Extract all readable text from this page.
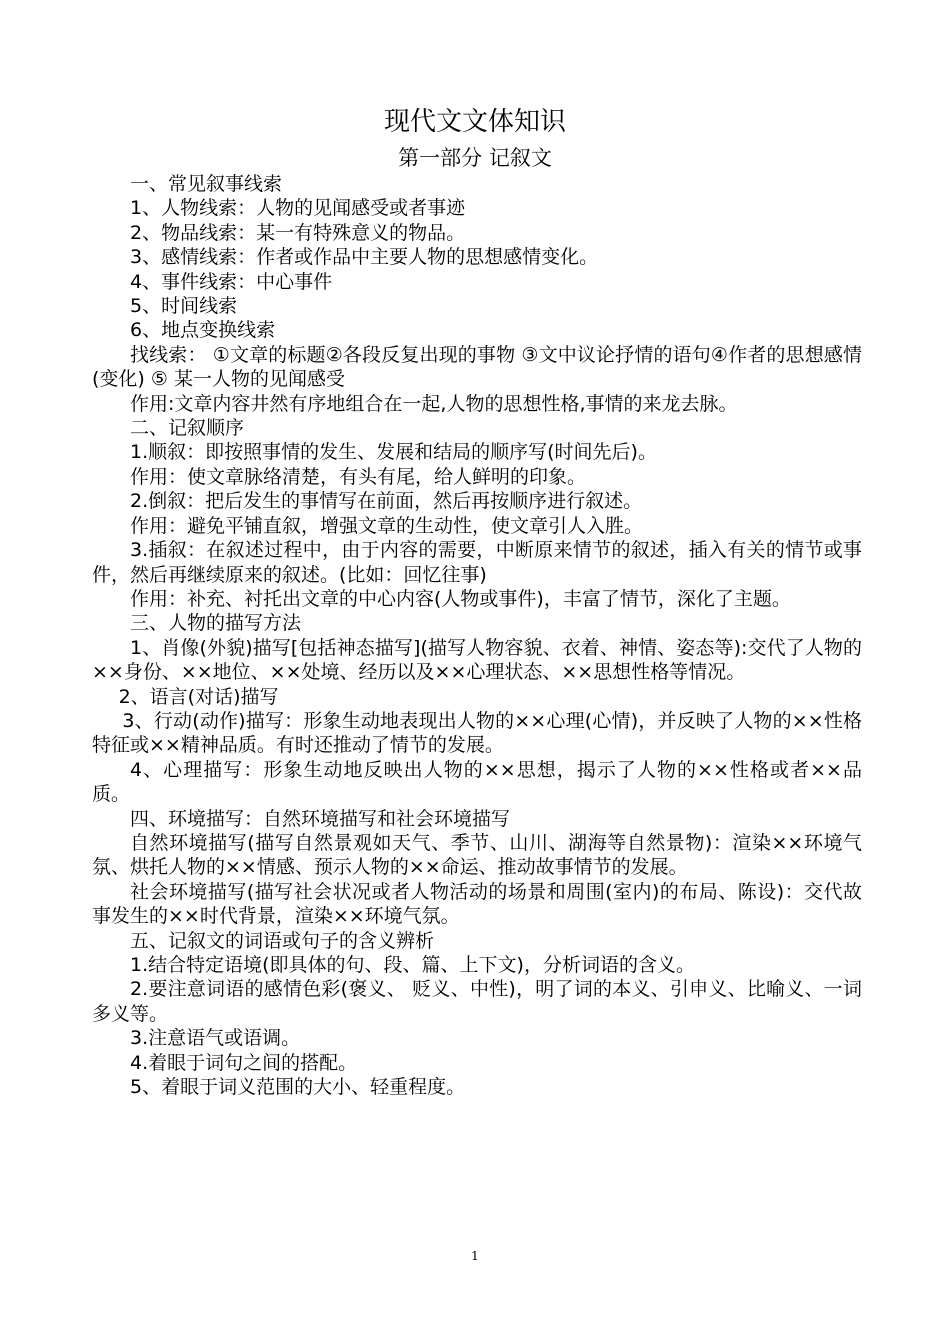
现代文文体知识
第一部分 记叙文

一、常见叙事线索

1、人物线索：人物的见闻感受或者事迹

2、物品线索：某一有特殊意义的物品。

3、感情线索：作者或作品中主要人物的思想感情变化。

4、事件线索：中心事件

5、时间线索

6、地点变换线索

找线索： ①文章的标题②各段反复出现的事物 ③文中议论抒情的语句④作者的思想感情(变化) ⑤ 某一人物的见闻感受

作用:文章内容井然有序地组合在一起,人物的思想性格,事情的来龙去脉。

二、记叙顺序

1.顺叙：即按照事情的发生、发展和结局的顺序写(时间先后)。

作用：使文章脉络清楚，有头有尾，给人鲜明的印象。

2.倒叙：把后发生的事情写在前面，然后再按顺序进行叙述。

作用：避免平铺直叙，增强文章的生动性，使文章引人入胜。

3.插叙：在叙述过程中，由于内容的需要，中断原来情节的叙述，插入有关的情节或事件，然后再继续原来的叙述。(比如：回忆往事)

作用：补充、衬托出文章的中心内容(人物或事件)，丰富了情节，深化了主题。

三、人物的描写方法

1、肖像(外貌)描写[包括神态描写](描写人物容貌、衣着、神情、姿态等):交代了人物的××身份、××地位、××处境、经历以及××心理状态、××思想性格等情况。

2、语言(对话)描写

3、行动(动作)描写：形象生动地表现出人物的××心理(心情)，并反映了人物的××性格特征或××精神品质。有时还推动了情节的发展。

4、心理描写：形象生动地反映出人物的××思想，揭示了人物的××性格或者××品质。

四、环境描写：自然环境描写和社会环境描写

自然环境描写(描写自然景观如天气、季节、山川、湖海等自然景物)：渲染××环境气氛、烘托人物的××情感、预示人物的××命运、推动故事情节的发展。

社会环境描写(描写社会状况或者人物活动的场景和周围(室内)的布局、陈设)：交代故事发生的××时代背景，渲染××环境气氛。

五、记叙文的词语或句子的含义辨析

1.结合特定语境(即具体的句、段、篇、上下文)，分析词语的含义。

2.要注意词语的感情色彩(褒义、 贬义、中性)，明了词的本义、引申义、比喻义、一词多义等。

3.注意语气或语调。

4.着眼于词句之间的搭配。

5、着眼于词义范围的大小、轻重程度。

1
